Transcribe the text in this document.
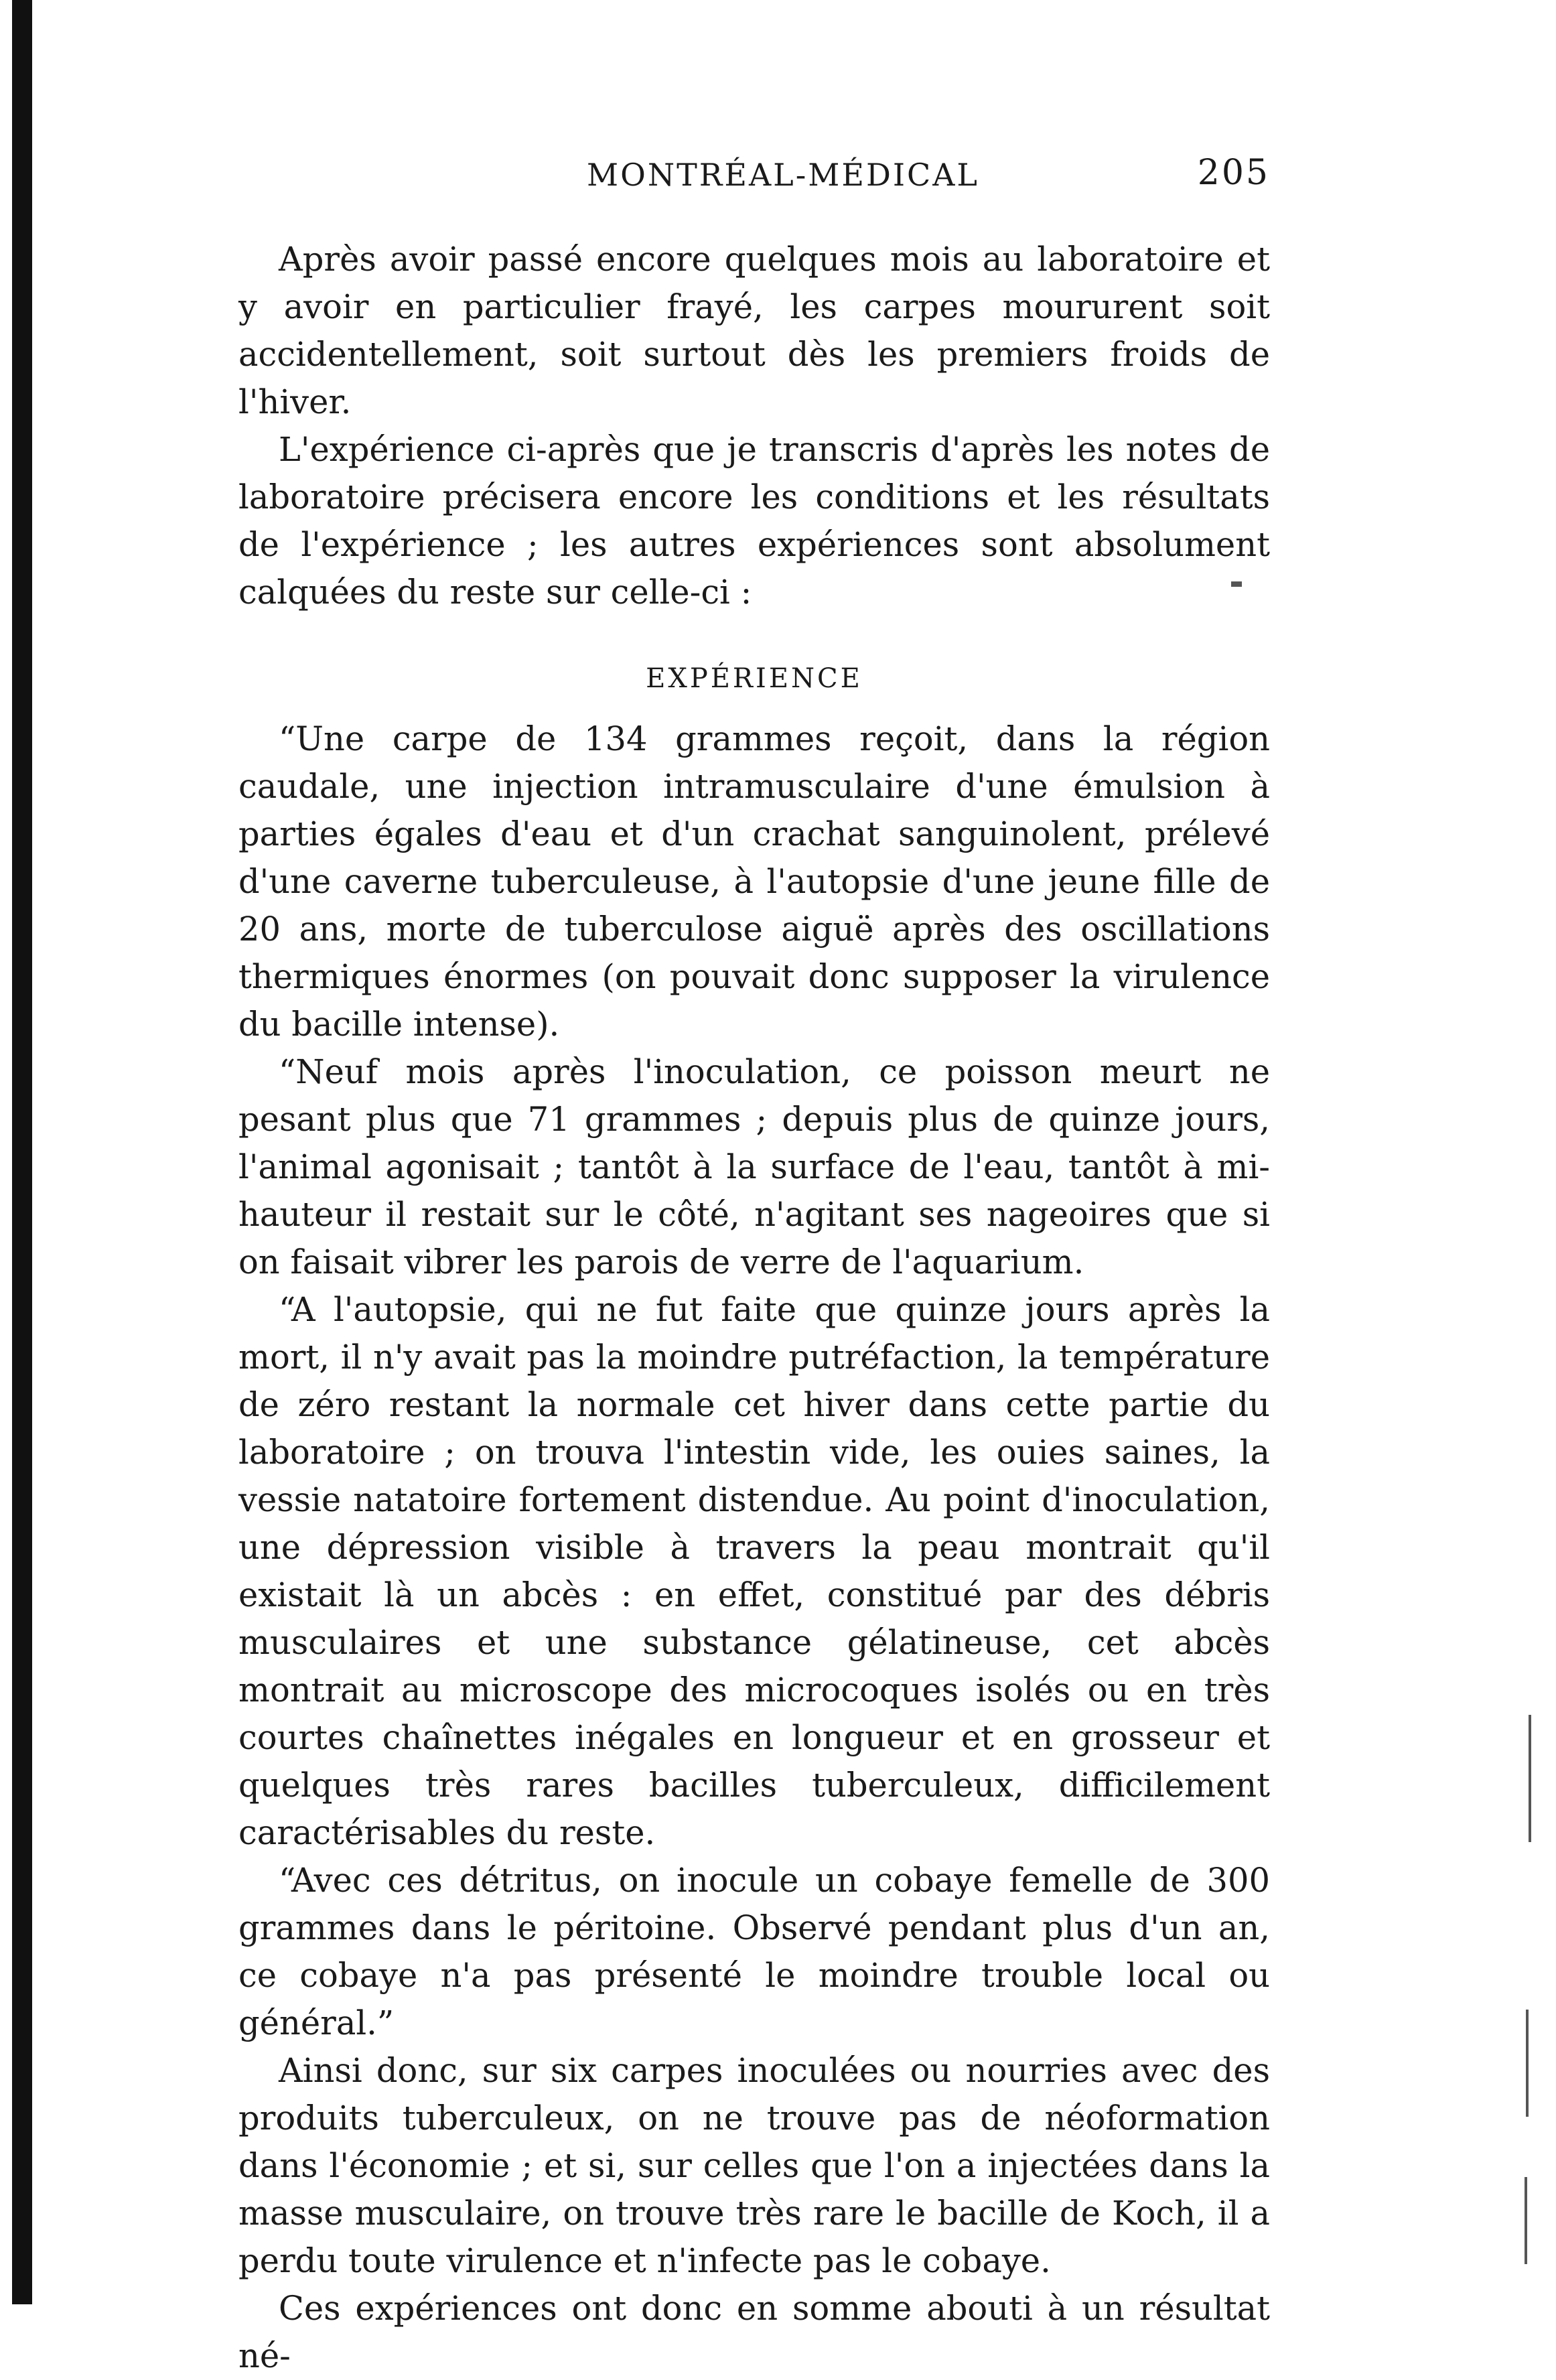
MONTRÉAL-MÉDICAL	205

Après avoir passé encore quelques mois au laboratoire et y avoir en particulier frayé, les carpes moururent soit accidentellement, soit surtout dès les premiers froids de l'hiver.

L'expérience ci-après que je transcris d'après les notes de laboratoire précisera encore les conditions et les résultats de l'expérience ; les autres expériences sont absolument calquées du reste sur celle-ci :

EXPÉRIENCE

“Une carpe de 134 grammes reçoit, dans la région caudale, une injection intramusculaire d'une émulsion à parties égales d'eau et d'un crachat sanguinolent, prélevé d'une caverne tuberculeuse, à l'autopsie d'une jeune fille de 20 ans, morte de tuberculose aiguë après des oscillations thermiques énormes (on pouvait donc supposer la virulence du bacille intense).

“Neuf mois après l'inoculation, ce poisson meurt ne pesant plus que 71 grammes ; depuis plus de quinze jours, l'animal agonisait ; tantôt à la surface de l'eau, tantôt à mi-hauteur il restait sur le côté, n'agitant ses nageoires que si on faisait vibrer les parois de verre de l'aquarium.

“A l'autopsie, qui ne fut faite que quinze jours après la mort, il n'y avait pas la moindre putréfaction, la température de zéro restant la normale cet hiver dans cette partie du laboratoire ; on trouva l'intestin vide, les ouies saines, la vessie natatoire fortement distendue. Au point d'inoculation, une dépression visible à travers la peau montrait qu'il existait là un abcès : en effet, constitué par des débris musculaires et une substance gélatineuse, cet abcès montrait au microscope des microcoques isolés ou en très courtes chaînettes inégales en longueur et en grosseur et quelques très rares bacilles tuberculeux, difficilement caractérisables du reste.

“Avec ces détritus, on inocule un cobaye femelle de 300 grammes dans le péritoine. Observé pendant plus d'un an, ce cobaye n'a pas présenté le moindre trouble local ou général.”

Ainsi donc, sur six carpes inoculées ou nourries avec des produits tuberculeux, on ne trouve pas de néoformation dans l'économie ; et si, sur celles que l'on a injectées dans la masse musculaire, on trouve très rare le bacille de Koch, il a perdu toute virulence et n'infecte pas le cobaye.

Ces expériences ont donc en somme abouti à un résultat né-
